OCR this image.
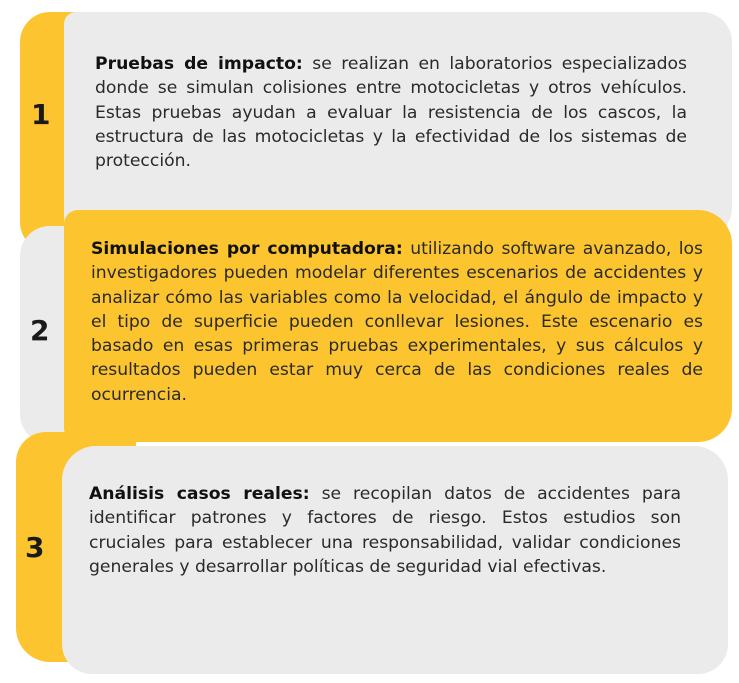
1
Pruebas de impacto: se realizan en laboratorios especializados donde se simulan colisiones entre motocicletas y otros vehículos. Estas pruebas ayudan a evaluar la resistencia de los cascos, la estructura de las motocicletas y la efectividad de los sistemas de protección.
2
Simulaciones por computadora: utilizando software avanzado, los investigadores pueden modelar diferentes escenarios de accidentes y analizar cómo las variables como la velocidad, el ángulo de impacto y el tipo de superficie pueden conllevar lesiones. Este escenario es basado en esas primeras pruebas experimentales, y sus cálculos y resultados pueden estar muy cerca de las condiciones reales de ocurrencia.
3
Análisis casos reales: se recopilan datos de accidentes para identificar patrones y factores de riesgo. Estos estudios son cruciales para establecer una responsabilidad, validar condiciones generales y desarrollar políticas de seguridad vial efectivas.
